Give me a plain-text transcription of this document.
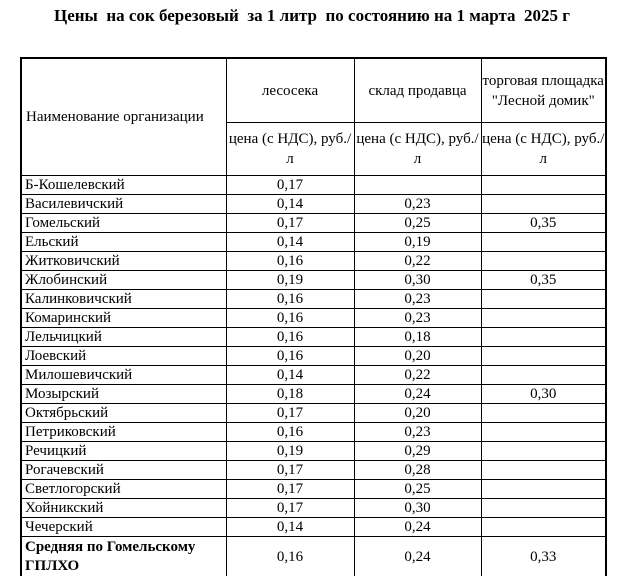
Цены  на сок березовый  за 1 литр  по состоянию на 1 марта  2025 г
Наименование организации	лесосека	склад продавца	торговая площадка "Лесной домик"
	цена (с НДС), руб./л	цена (с НДС), руб./л	цена (с НДС), руб./л
Б-Кошелевский	0,17		
Василевичский	0,14	0,23	
Гомельский	0,17	0,25	0,35
Ельский	0,14	0,19	
Житковичский	0,16	0,22	
Жлобинский	0,19	0,30	0,35
Калинковичский	0,16	0,23	
Комаринский	0,16	0,23	
Лельчицкий	0,16	0,18	
Лоевский	0,16	0,20	
Милошевичский	0,14	0,22	
Мозырский	0,18	0,24	0,30
Октябрьский	0,17	0,20	
Петриковский	0,16	0,23	
Речицкий	0,19	0,29	
Рогачевский	0,17	0,28	
Светлогорский	0,17	0,25	
Хойникский	0,17	0,30	
Чечерский	0,14	0,24	
Средняя по Гомельскому ГПЛХО	0,16	0,24	0,33
